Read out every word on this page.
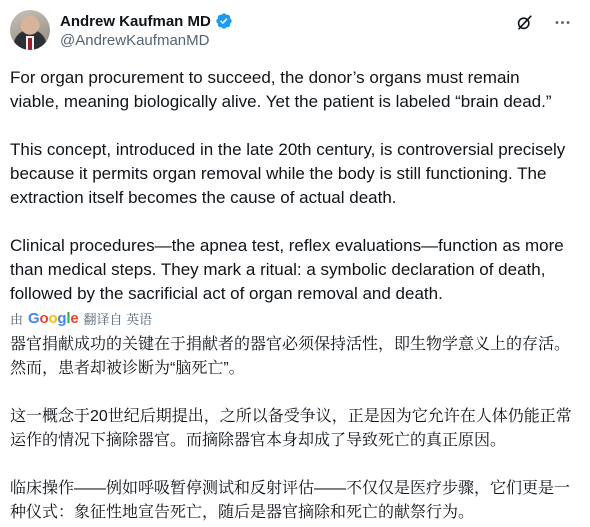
Andrew Kaufman MD
@AndrewKaufmanMD

For organ procurement to succeed, the donor’s organs must remain viable, meaning biologically alive. Yet the patient is labeled “brain dead.”

This concept, introduced in the late 20th century, is controversial precisely because it permits organ removal while the body is still functioning. The extraction itself becomes the cause of actual death.

Clinical procedures—the apnea test, reflex evaluations—function as more than medical steps. They mark a ritual: a symbolic declaration of death, followed by the sacrificial act of organ removal and death.

由 Google 翻译自 英语

器官捐献成功的关键在于捐献者的器官必须保持活性，即生物学意义上的存活。然而，患者却被诊断为“脑死亡”。

这一概念于20世纪后期提出，之所以备受争议，正是因为它允许在人体仍能正常运作的情况下摘除器官。而摘除器官本身却成了导致死亡的真正原因。

临床操作——例如呼吸暂停测试和反射评估——不仅仅是医疗步骤，它们更是一种仪式：象征性地宣告死亡，随后是器官摘除和死亡的献祭行为。
